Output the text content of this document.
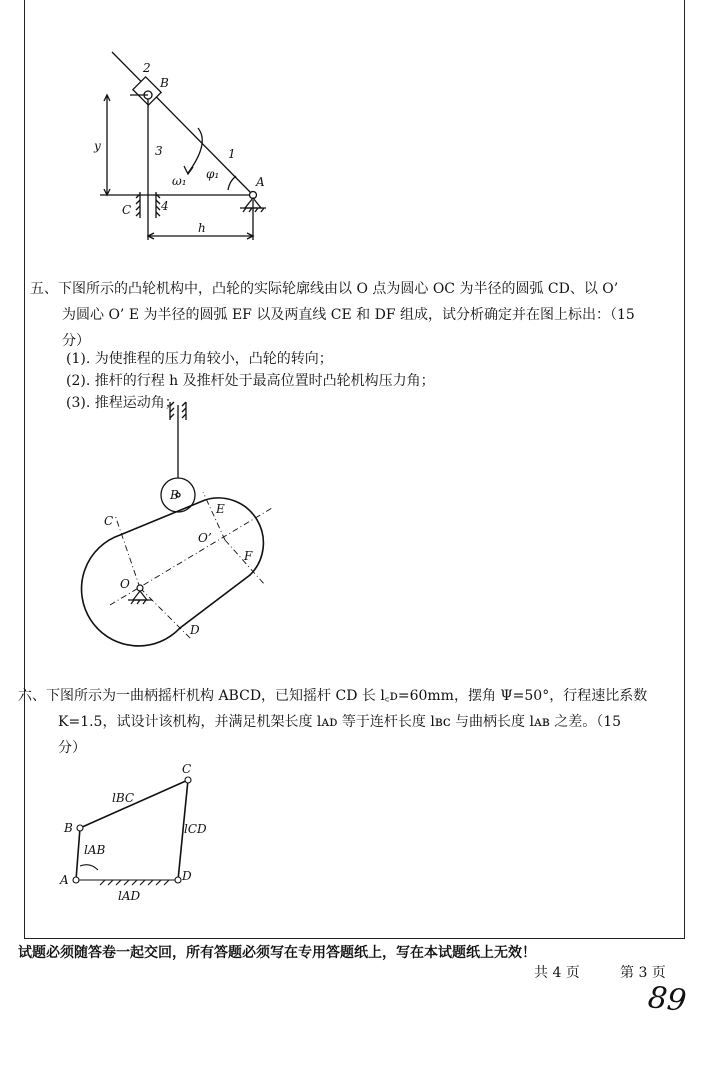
2
B
y	3	1
ω₁ φ₁
A
C 4
h
五、下图所示的凸轮机构中，凸轮的实际轮廓线由以 O 点为圆心 OC 为半径的圆弧 CD、以 O’
为圆心 O’ E 为半径的圆弧 EF 以及两直线 CE 和 DF 组成，试分析确定并在图上标出：（15
分）
(1). 为使推程的压力角较小，凸轮的转向；
(2). 推杆的行程 h 及推杆处于最高位置时凸轮机构压力角；
(3). 推程运动角；
B
C
E
O’
F
O
D
六、下图所示为一曲柄摇杆机构 ABCD，已知摇杆 CD 长 l꜀ᴅ=60mm，摆角 Ψ=50°，行程速比系数
K=1.5，试设计该机构，并满足机架长度 lᴀᴅ 等于连杆长度 lʙᴄ 与曲柄长度 lᴀʙ 之差。（15
分）
C
lBC
B	lCD
lAB
A	D
lAD
试题必须随答卷一起交回，所有答题必须写在专用答题纸上，写在本试题纸上无效！
共 4 页	第 3 页
89
